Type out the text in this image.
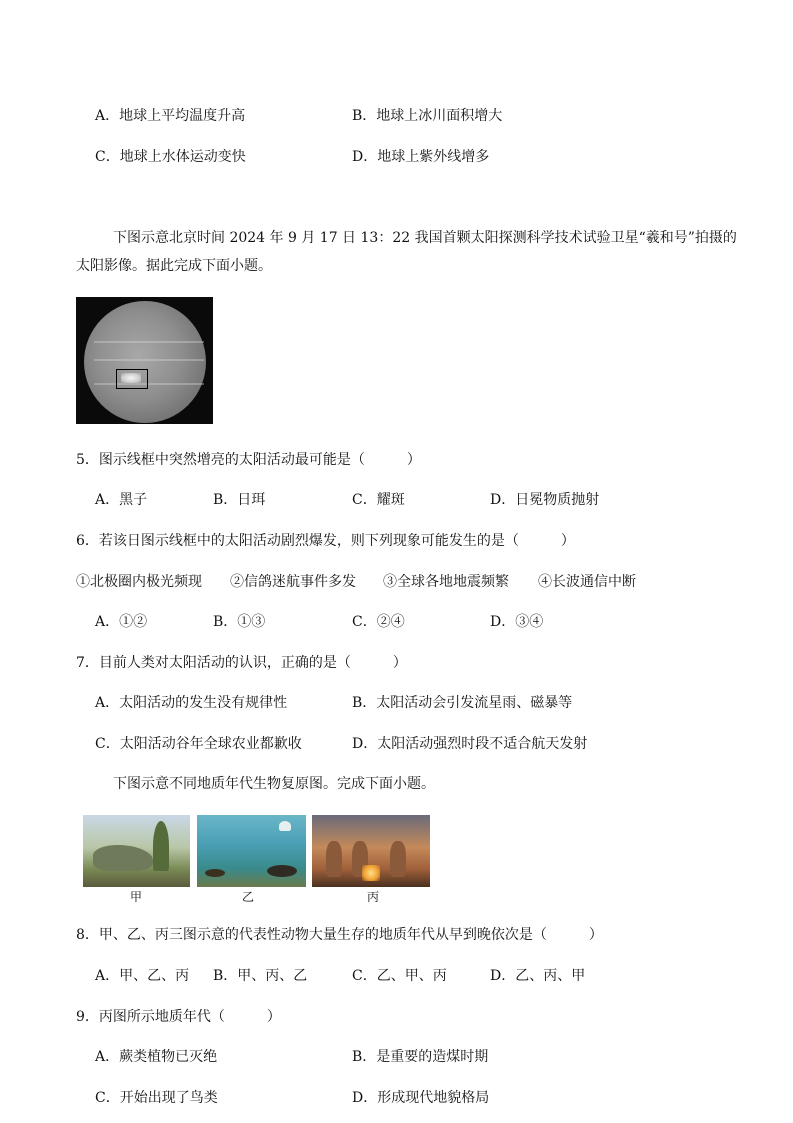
A．地球上平均温度升高	B．地球上冰川面积增大
C．地球上水体运动变快	D．地球上紫外线增多
下图示意北京时间 2024 年 9 月 17 日 13：22 我国首颗太阳探测科学技术试验卫星“羲和号”拍摄的
太阳影像。据此完成下面小题。
5．图示线框中突然增亮的太阳活动最可能是（　　　）
A．黑子	B．日珥	C．耀斑	D．日冕物质抛射
6．若该日图示线框中的太阳活动剧烈爆发，则下列现象可能发生的是（　　　）
①北极圈内极光频现 ②信鸽迷航事件多发 ③全球各地地震频繁 ④长波通信中断
A．①②	B．①③	C．②④	D．③④
7．目前人类对太阳活动的认识，正确的是（　　　）
A．太阳活动的发生没有规律性	B．太阳活动会引发流星雨、磁暴等
C．太阳活动谷年全球农业都歉收	D．太阳活动强烈时段不适合航天发射
下图示意不同地质年代生物复原图。完成下面小题。
甲	乙	丙
8．甲、乙、丙三图示意的代表性动物大量生存的地质年代从早到晚依次是（　　　）
A．甲、乙、丙 B．甲、丙、乙	C．乙、甲、丙	D．乙、丙、甲
9．丙图所示地质年代（　　　）
A．蕨类植物已灭绝	B．是重要的造煤时期
C．开始出现了鸟类	D．形成现代地貌格局
